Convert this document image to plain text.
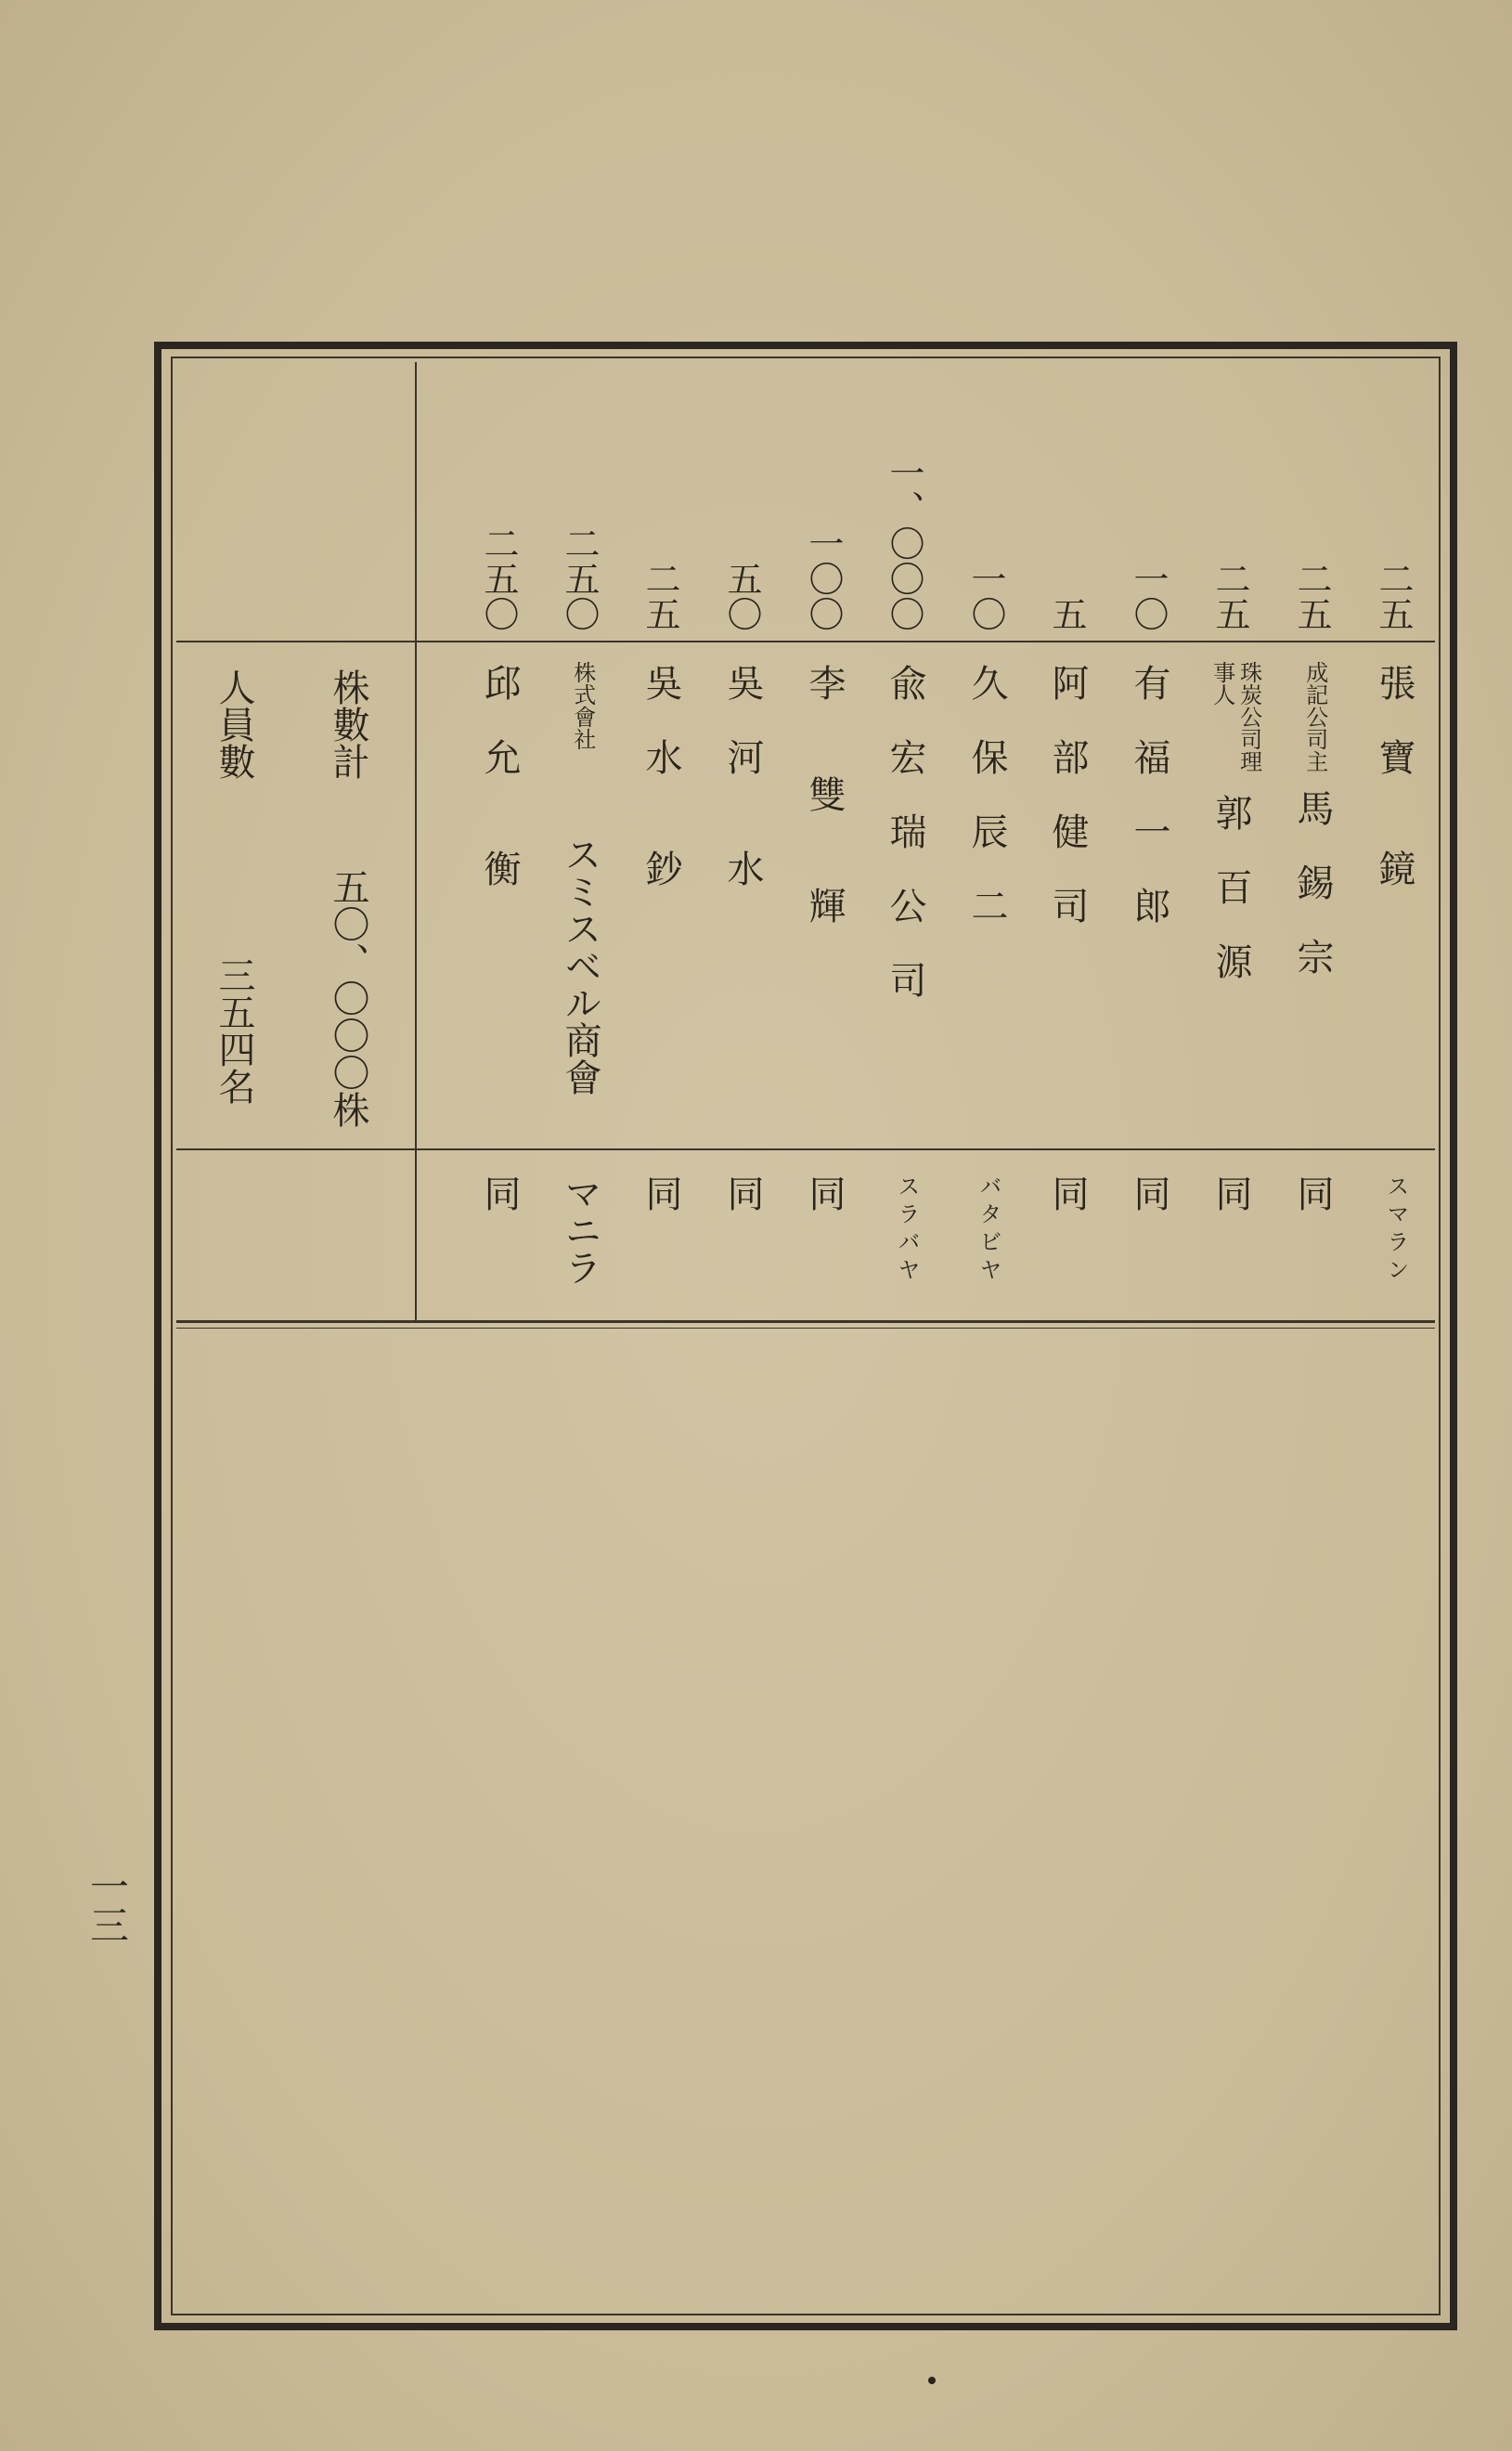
二五
張　寶　　鏡
スマラン
二五
成記公司主
馬　錫　宗
同
二五
珠炭公司理事人
郭　百　源
同
一〇
有　福　一　郎
同
五
阿　部　健　司
同
一〇
久　保　辰　二
バタビヤ
一、〇〇〇
兪　宏　瑞　公　司
スラバヤ
一〇〇
李　　雙　　輝
同
五〇
吳　河　　水
同
二五
吳　水　　鈔
同
二五〇
株式會社
スミスベル商會
マニラ
二五〇
邱　允　　衡
同
株數計
五〇、〇〇〇株
人員數
三五四名
一三
